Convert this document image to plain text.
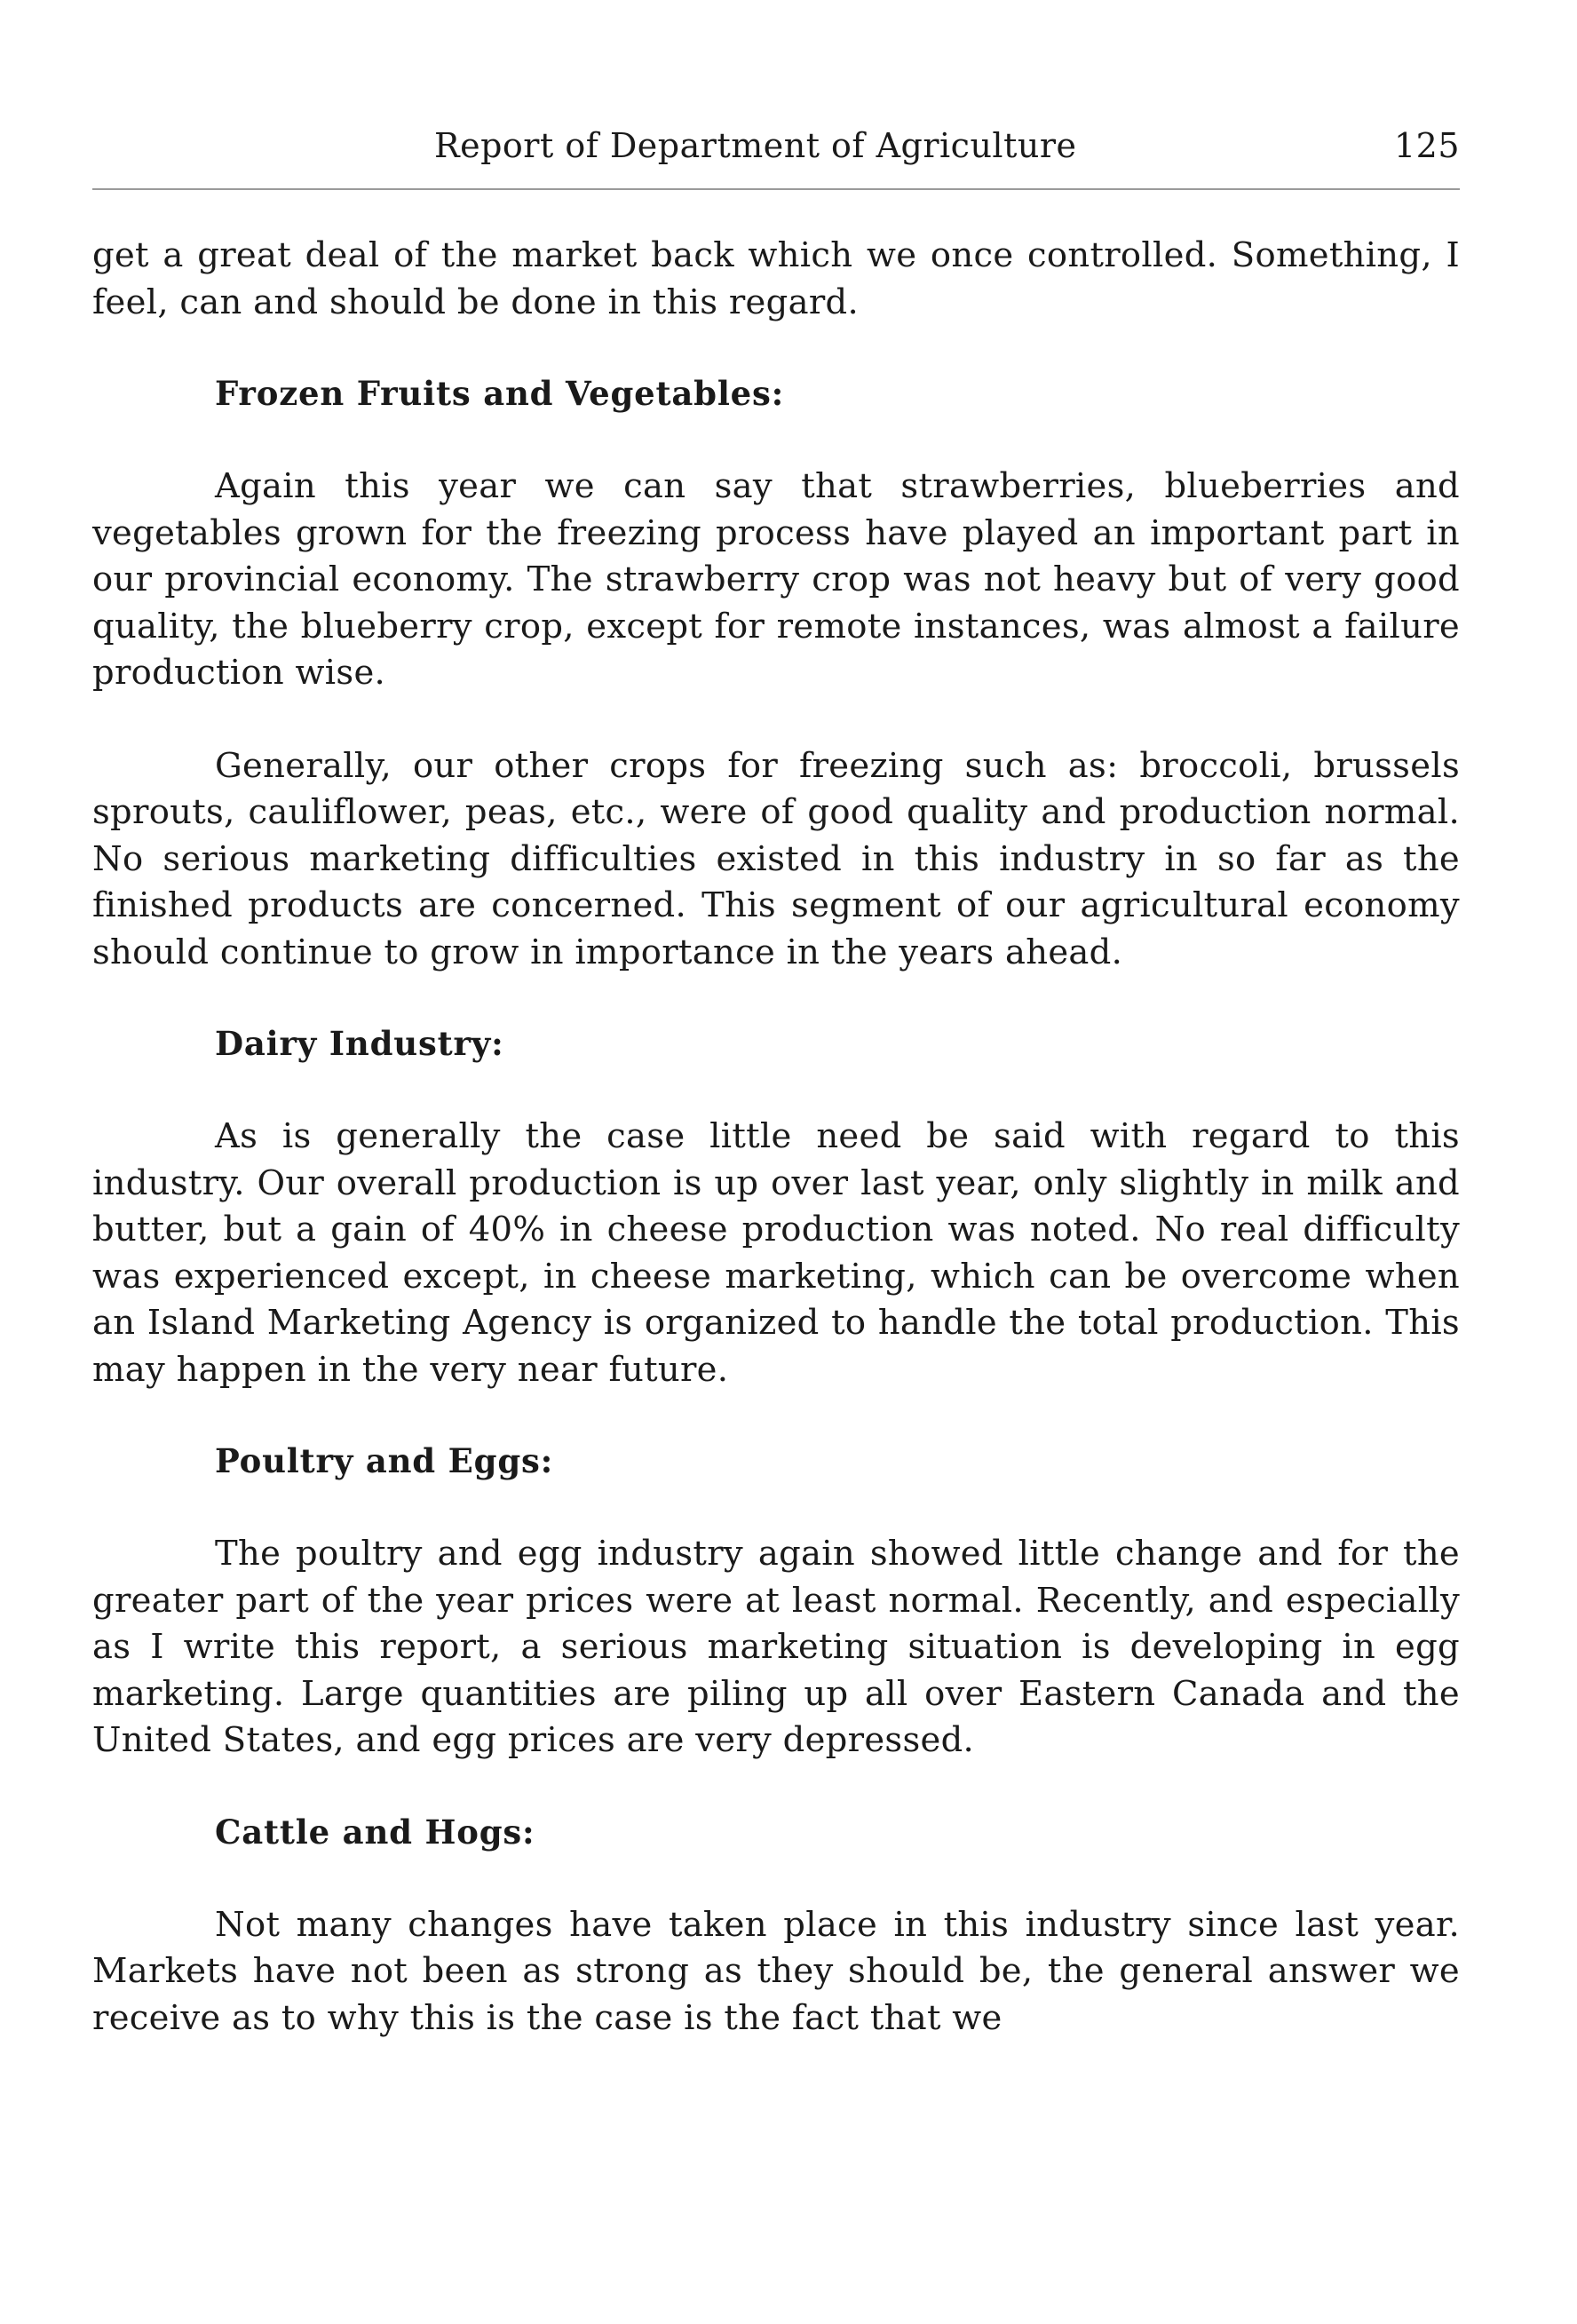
Report of Department of Agriculture	125

get a great deal of the market back which we once controlled. Something, I feel, can and should be done in this regard.

Frozen Fruits and Vegetables:

Again this year we can say that strawberries, blueberries and vegetables grown for the freezing process have played an important part in our provincial economy. The strawberry crop was not heavy but of very good quality, the blueberry crop, except for remote instances, was almost a failure production wise.

Generally, our other crops for freezing such as: broccoli, brussels sprouts, cauliflower, peas, etc., were of good quality and production normal. No serious marketing difficulties existed in this industry in so far as the finished products are concerned. This segment of our agricultural economy should continue to grow in importance in the years ahead.

Dairy Industry:

As is generally the case little need be said with regard to this industry. Our overall production is up over last year, only slightly in milk and butter, but a gain of 40% in cheese production was noted. No real difficulty was experienced except, in cheese marketing, which can be overcome when an Island Marketing Agency is organized to handle the total production. This may happen in the very near future.

Poultry and Eggs:

The poultry and egg industry again showed little change and for the greater part of the year prices were at least normal. Recently, and especially as I write this report, a serious marketing situation is developing in egg marketing. Large quantities are piling up all over Eastern Canada and the United States, and egg prices are very depressed.

Cattle and Hogs:

Not many changes have taken place in this industry since last year. Markets have not been as strong as they should be, the general answer we receive as to why this is the case is the fact that we
